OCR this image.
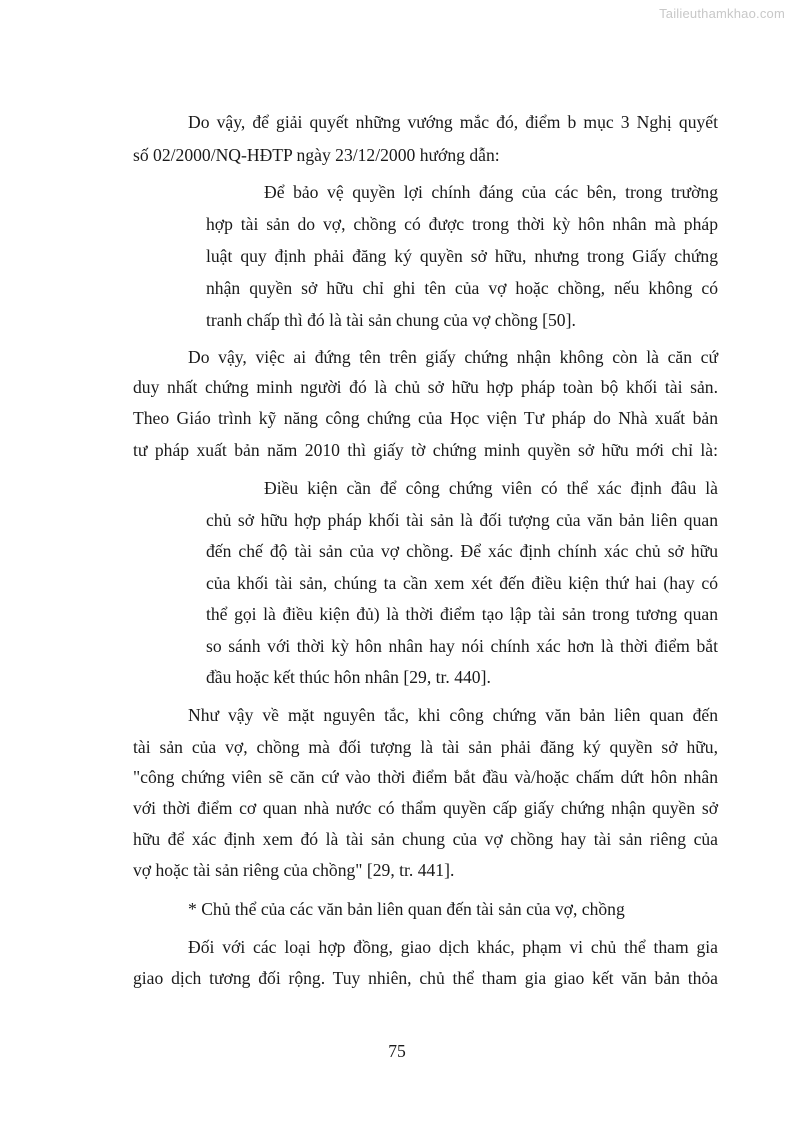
Tailieuthamkhao.com
Do vậy, để giải quyết những vướng mắc đó, điểm b mục 3 Nghị quyết
số 02/2000/NQ-HĐTP ngày 23/12/2000 hướng dẫn:
Để bảo vệ quyền lợi chính đáng của các bên, trong trường
hợp tài sản do vợ, chồng có được trong thời kỳ hôn nhân mà pháp
luật quy định phải đăng ký quyền sở hữu, nhưng trong Giấy chứng
nhận quyền sở hữu chỉ ghi tên của vợ hoặc chồng, nếu không có
tranh chấp thì đó là tài sản chung của vợ chồng [50].
Do vậy, việc ai đứng tên trên giấy chứng nhận không còn là căn cứ
duy nhất chứng minh người đó là chủ sở hữu hợp pháp toàn bộ khối tài sản.
Theo Giáo trình kỹ năng công chứng của Học viện Tư pháp do Nhà xuất bản
tư pháp xuất bản năm 2010 thì giấy tờ chứng minh quyền sở hữu mới chỉ là:
Điều kiện cần để công chứng viên có thể xác định đâu là
chủ sở hữu hợp pháp khối tài sản là đối tượng của văn bản liên quan
đến chế độ tài sản của vợ chồng. Để xác định chính xác chủ sở hữu
của khối tài sản, chúng ta cần xem xét đến điều kiện thứ hai (hay có
thể gọi là điều kiện đủ) là thời điểm tạo lập tài sản trong tương quan
so sánh với thời kỳ hôn nhân hay nói chính xác hơn là thời điểm bắt
đầu hoặc kết thúc hôn nhân [29, tr. 440].
Như vậy về mặt nguyên tắc, khi công chứng văn bản liên quan đến
tài sản của vợ, chồng mà đối tượng là tài sản phải đăng ký quyền sở hữu,
"công chứng viên sẽ căn cứ vào thời điểm bắt đầu và/hoặc chấm dứt hôn nhân
với thời điểm cơ quan nhà nước có thẩm quyền cấp giấy chứng nhận quyền sở
hữu để xác định xem đó là tài sản chung của vợ chồng hay tài sản riêng của
vợ hoặc tài sản riêng của chồng" [29, tr. 441].
* Chủ thể của các văn bản liên quan đến tài sản của vợ, chồng
Đối với các loại hợp đồng, giao dịch khác, phạm vi chủ thể tham gia
giao dịch tương đối rộng. Tuy nhiên, chủ thể tham gia giao kết văn bản thỏa
75
